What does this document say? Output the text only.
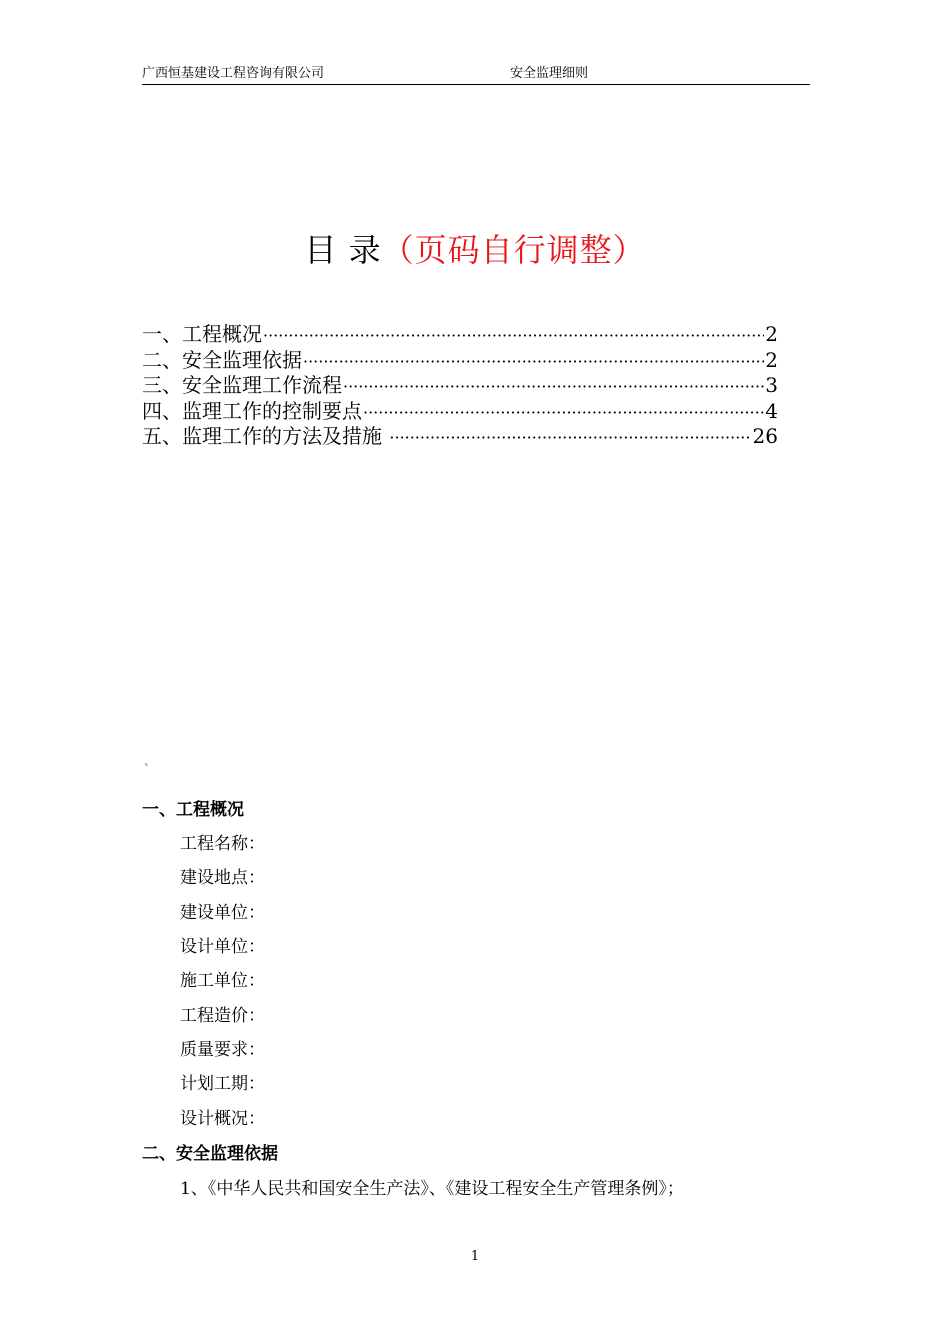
广西恒基建设工程咨询有限公司	安全监理细则
目 录（页码自行调整）
一、工程概况 ·····	2
二、安全监理依据 ·····	2
三、安全监理工作流程 ·····	3
四、监理工作的控制要点 ·····	4
五、监理工作的方法及措施 ·····	26
、
一、工程概况
工程名称：
建设地点：
建设单位：
设计单位：
施工单位：
工程造价：
质量要求：
计划工期：
设计概况：
二、安全监理依据
1、《中华人民共和国安全生产法》、《建设工程安全生产管理条例》；
1
